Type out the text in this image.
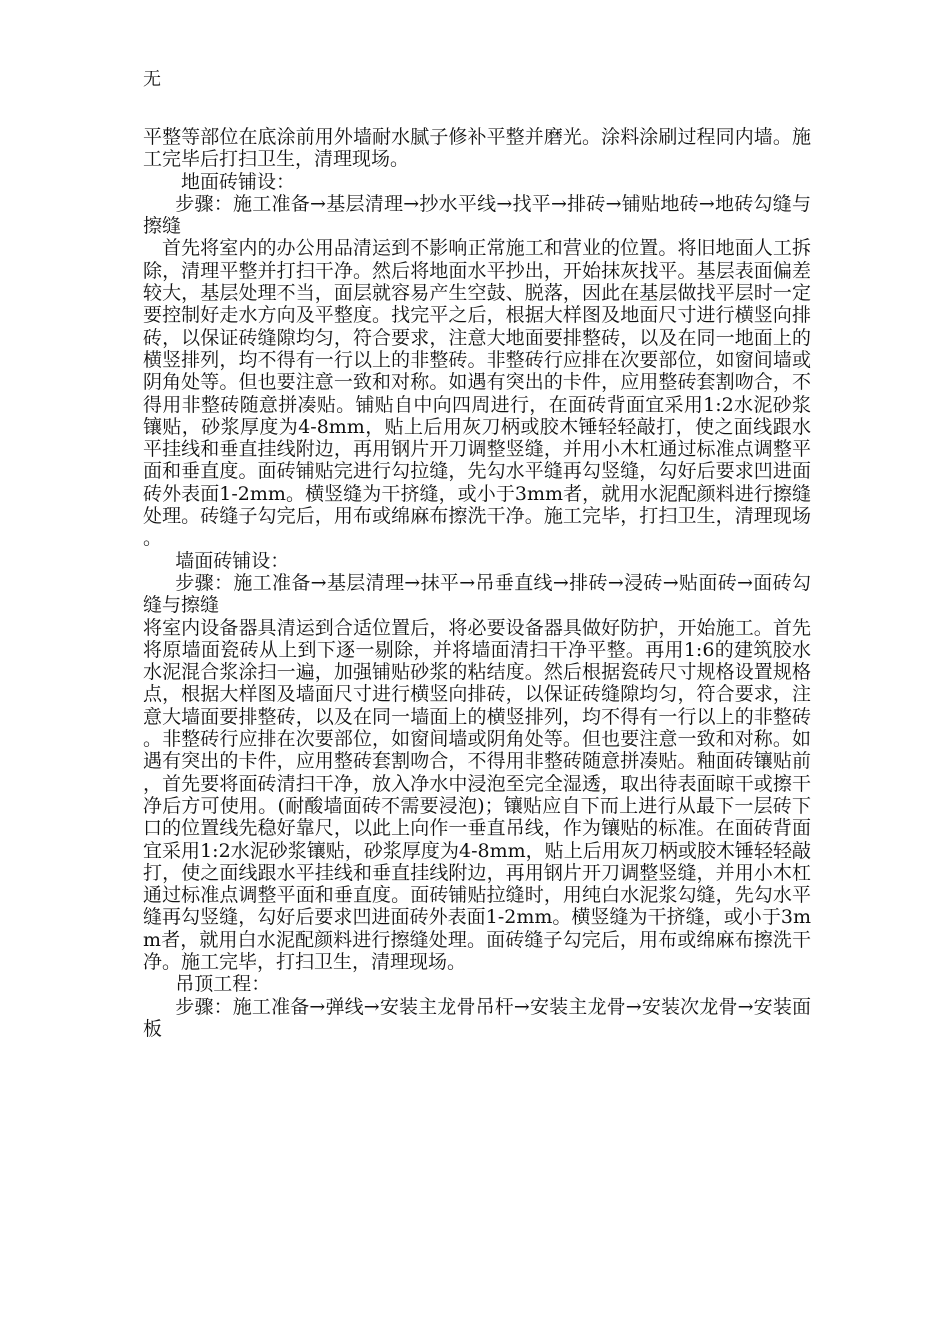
无

平整等部位在底涂前用外墙耐水腻子修补平整并磨光。涂料涂刷过程同内墙。施工完毕后打扫卫生，清理现场。

地面砖铺设：

步骤：施工准备→基层清理→抄水平线→找平→排砖→铺贴地砖→地砖勾缝与擦缝

首先将室内的办公用品清运到不影响正常施工和营业的位置。将旧地面人工拆除，清理平整并打扫干净。然后将地面水平抄出，开始抹灰找平。基层表面偏差较大，基层处理不当，面层就容易产生空鼓、脱落，因此在基层做找平层时一定要控制好走水方向及平整度。找完平之后，根据大样图及地面尺寸进行横竖向排砖，以保证砖缝隙均匀，符合要求，注意大地面要排整砖，以及在同一地面上的横竖排列，均不得有一行以上的非整砖。非整砖行应排在次要部位，如窗间墙或阴角处等。但也要注意一致和对称。如遇有突出的卡件，应用整砖套割吻合，不得用非整砖随意拼凑贴。铺贴自中向四周进行，在面砖背面宜采用1:2水泥砂浆镶贴，砂浆厚度为4-8mm，贴上后用灰刀柄或胶木锤轻轻敲打，使之面线跟水平挂线和垂直挂线附边，再用钢片开刀调整竖缝，并用小木杠通过标准点调整平面和垂直度。面砖铺贴完进行勾拉缝，先勾水平缝再勾竖缝，勾好后要求凹进面砖外表面1-2mm。横竖缝为干挤缝，或小于3mm者，就用水泥配颜料进行擦缝处理。砖缝子勾完后，用布或绵麻布擦洗干净。施工完毕，打扫卫生，清理现场。

墙面砖铺设：

步骤：施工准备→基层清理→抹平→吊垂直线→排砖→浸砖→贴面砖→面砖勾缝与擦缝

将室内设备器具清运到合适位置后，将必要设备器具做好防护，开始施工。首先将原墙面瓷砖从上到下逐一剔除，并将墙面清扫干净平整。再用1:6的建筑胶水水泥混合浆涂扫一遍，加强铺贴砂浆的粘结度。然后根据瓷砖尺寸规格设置规格点，根据大样图及墙面尺寸进行横竖向排砖，以保证砖缝隙均匀，符合要求，注意大墙面要排整砖，以及在同一墙面上的横竖排列，均不得有一行以上的非整砖。非整砖行应排在次要部位，如窗间墙或阴角处等。但也要注意一致和对称。如遇有突出的卡件，应用整砖套割吻合，不得用非整砖随意拼凑贴。釉面砖镶贴前，首先要将面砖清扫干净，放入净水中浸泡至完全湿透，取出待表面晾干或擦干净后方可使用。(耐酸墙面砖不需要浸泡)；镶贴应自下而上进行从最下一层砖下口的位置线先稳好靠尺，以此上向作一垂直吊线，作为镶贴的标准。在面砖背面宜采用1:2水泥砂浆镶贴，砂浆厚度为4-8mm，贴上后用灰刀柄或胶木锤轻轻敲打，使之面线跟水平挂线和垂直挂线附边，再用钢片开刀调整竖缝，并用小木杠通过标准点调整平面和垂直度。面砖铺贴拉缝时，用纯白水泥浆勾缝，先勾水平缝再勾竖缝，勾好后要求凹进面砖外表面1-2mm。横竖缝为干挤缝，或小于3mm者，就用白水泥配颜料进行擦缝处理。面砖缝子勾完后，用布或绵麻布擦洗干净。施工完毕，打扫卫生，清理现场。

吊顶工程：

步骤：施工准备→弹线→安装主龙骨吊杆→安装主龙骨→安装次龙骨→安装面板
